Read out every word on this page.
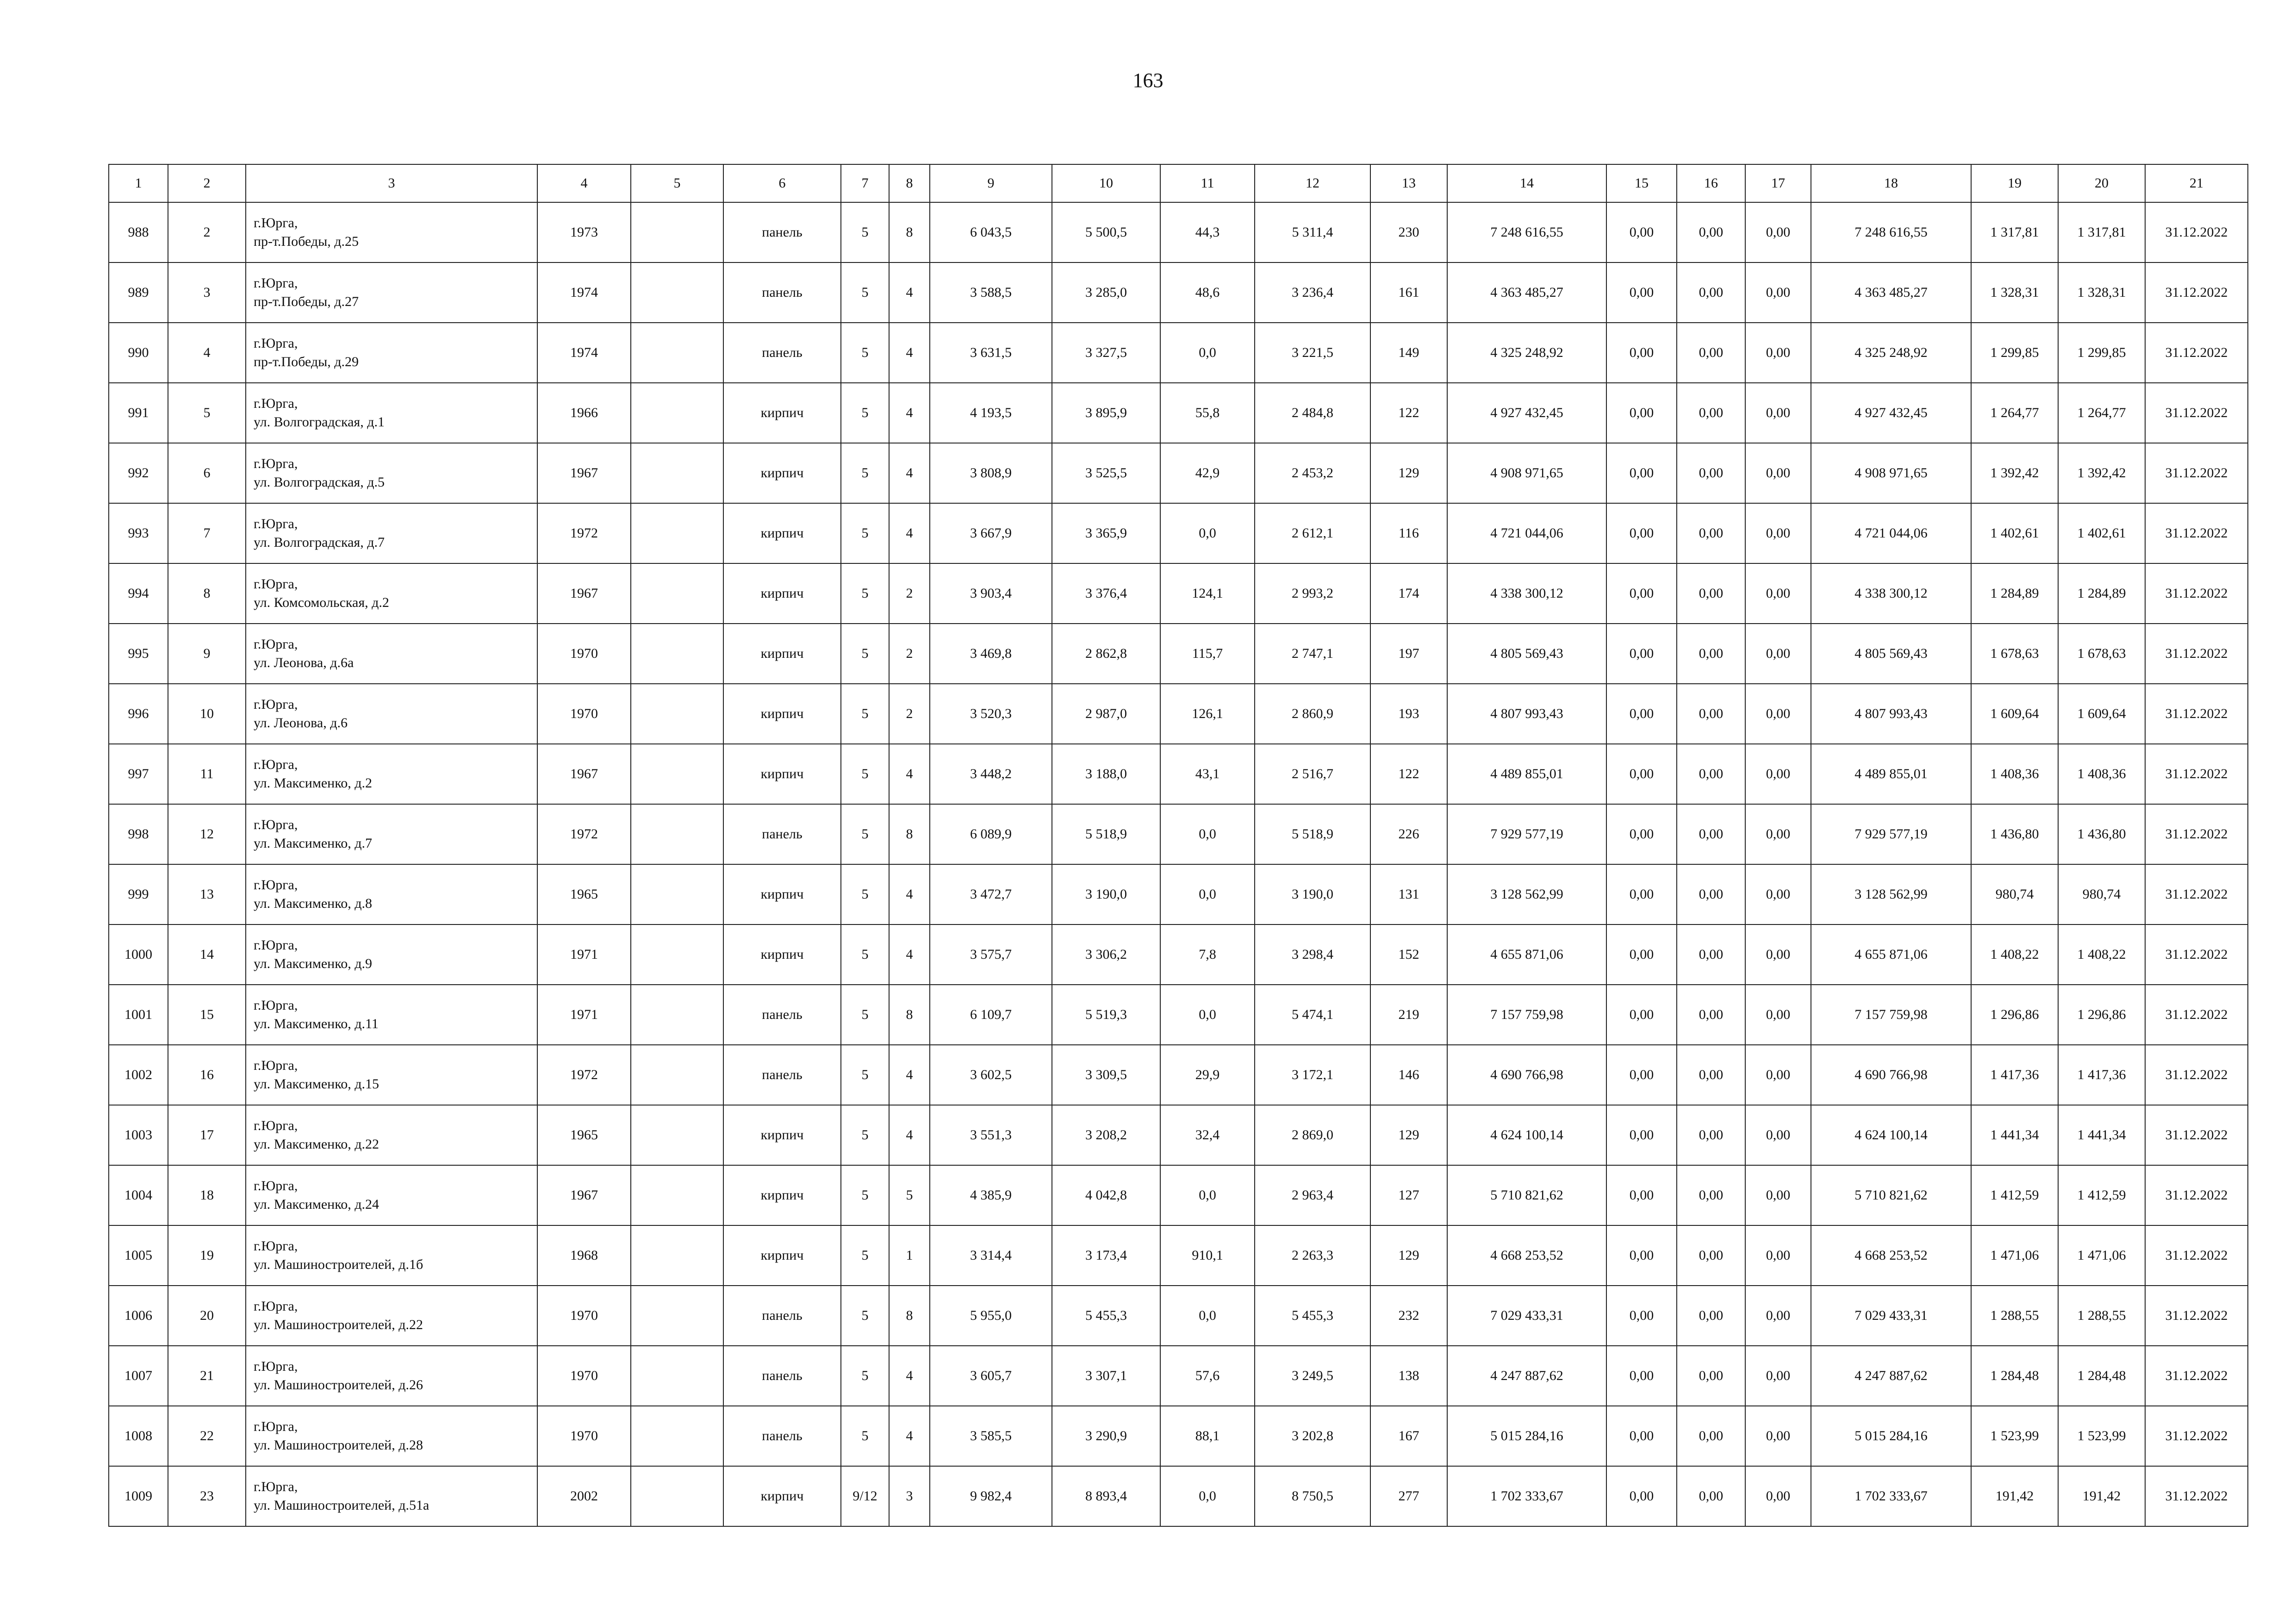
163
1	2	3	4	5	6	7	8	9	10	11	12	13	14	15	16	17	18	19	20	21
988	2	г.Юрга,
пр-т.Победы, д.25	1973		панель	5	8	6 043,5	5 500,5	44,3	5 311,4	230	7 248 616,55	0,00	0,00	0,00	7 248 616,55	1 317,81	1 317,81	31.12.2022
989	3	г.Юрга,
пр-т.Победы, д.27	1974		панель	5	4	3 588,5	3 285,0	48,6	3 236,4	161	4 363 485,27	0,00	0,00	0,00	4 363 485,27	1 328,31	1 328,31	31.12.2022
990	4	г.Юрга,
пр-т.Победы, д.29	1974		панель	5	4	3 631,5	3 327,5	0,0	3 221,5	149	4 325 248,92	0,00	0,00	0,00	4 325 248,92	1 299,85	1 299,85	31.12.2022
991	5	г.Юрга,
ул. Волгоградская, д.1	1966		кирпич	5	4	4 193,5	3 895,9	55,8	2 484,8	122	4 927 432,45	0,00	0,00	0,00	4 927 432,45	1 264,77	1 264,77	31.12.2022
992	6	г.Юрга,
ул. Волгоградская, д.5	1967		кирпич	5	4	3 808,9	3 525,5	42,9	2 453,2	129	4 908 971,65	0,00	0,00	0,00	4 908 971,65	1 392,42	1 392,42	31.12.2022
993	7	г.Юрга,
ул. Волгоградская, д.7	1972		кирпич	5	4	3 667,9	3 365,9	0,0	2 612,1	116	4 721 044,06	0,00	0,00	0,00	4 721 044,06	1 402,61	1 402,61	31.12.2022
994	8	г.Юрга,
ул. Комсомольская, д.2	1967		кирпич	5	2	3 903,4	3 376,4	124,1	2 993,2	174	4 338 300,12	0,00	0,00	0,00	4 338 300,12	1 284,89	1 284,89	31.12.2022
995	9	г.Юрга,
ул. Леонова, д.6а	1970		кирпич	5	2	3 469,8	2 862,8	115,7	2 747,1	197	4 805 569,43	0,00	0,00	0,00	4 805 569,43	1 678,63	1 678,63	31.12.2022
996	10	г.Юрга,
ул. Леонова, д.6	1970		кирпич	5	2	3 520,3	2 987,0	126,1	2 860,9	193	4 807 993,43	0,00	0,00	0,00	4 807 993,43	1 609,64	1 609,64	31.12.2022
997	11	г.Юрга,
ул. Максименко, д.2	1967		кирпич	5	4	3 448,2	3 188,0	43,1	2 516,7	122	4 489 855,01	0,00	0,00	0,00	4 489 855,01	1 408,36	1 408,36	31.12.2022
998	12	г.Юрга,
ул. Максименко, д.7	1972		панель	5	8	6 089,9	5 518,9	0,0	5 518,9	226	7 929 577,19	0,00	0,00	0,00	7 929 577,19	1 436,80	1 436,80	31.12.2022
999	13	г.Юрга,
ул. Максименко, д.8	1965		кирпич	5	4	3 472,7	3 190,0	0,0	3 190,0	131	3 128 562,99	0,00	0,00	0,00	3 128 562,99	980,74	980,74	31.12.2022
1000	14	г.Юрга,
ул. Максименко, д.9	1971		кирпич	5	4	3 575,7	3 306,2	7,8	3 298,4	152	4 655 871,06	0,00	0,00	0,00	4 655 871,06	1 408,22	1 408,22	31.12.2022
1001	15	г.Юрга,
ул. Максименко, д.11	1971		панель	5	8	6 109,7	5 519,3	0,0	5 474,1	219	7 157 759,98	0,00	0,00	0,00	7 157 759,98	1 296,86	1 296,86	31.12.2022
1002	16	г.Юрга,
ул. Максименко, д.15	1972		панель	5	4	3 602,5	3 309,5	29,9	3 172,1	146	4 690 766,98	0,00	0,00	0,00	4 690 766,98	1 417,36	1 417,36	31.12.2022
1003	17	г.Юрга,
ул. Максименко, д.22	1965		кирпич	5	4	3 551,3	3 208,2	32,4	2 869,0	129	4 624 100,14	0,00	0,00	0,00	4 624 100,14	1 441,34	1 441,34	31.12.2022
1004	18	г.Юрга,
ул. Максименко, д.24	1967		кирпич	5	5	4 385,9	4 042,8	0,0	2 963,4	127	5 710 821,62	0,00	0,00	0,00	5 710 821,62	1 412,59	1 412,59	31.12.2022
1005	19	г.Юрга,
ул. Машиностроителей, д.1б	1968		кирпич	5	1	3 314,4	3 173,4	910,1	2 263,3	129	4 668 253,52	0,00	0,00	0,00	4 668 253,52	1 471,06	1 471,06	31.12.2022
1006	20	г.Юрга,
ул. Машиностроителей, д.22	1970		панель	5	8	5 955,0	5 455,3	0,0	5 455,3	232	7 029 433,31	0,00	0,00	0,00	7 029 433,31	1 288,55	1 288,55	31.12.2022
1007	21	г.Юрга,
ул. Машиностроителей, д.26	1970		панель	5	4	3 605,7	3 307,1	57,6	3 249,5	138	4 247 887,62	0,00	0,00	0,00	4 247 887,62	1 284,48	1 284,48	31.12.2022
1008	22	г.Юрга,
ул. Машиностроителей, д.28	1970		панель	5	4	3 585,5	3 290,9	88,1	3 202,8	167	5 015 284,16	0,00	0,00	0,00	5 015 284,16	1 523,99	1 523,99	31.12.2022
1009	23	г.Юрга,
ул. Машиностроителей, д.51а	2002		кирпич	9/12	3	9 982,4	8 893,4	0,0	8 750,5	277	1 702 333,67	0,00	0,00	0,00	1 702 333,67	191,42	191,42	31.12.2022
